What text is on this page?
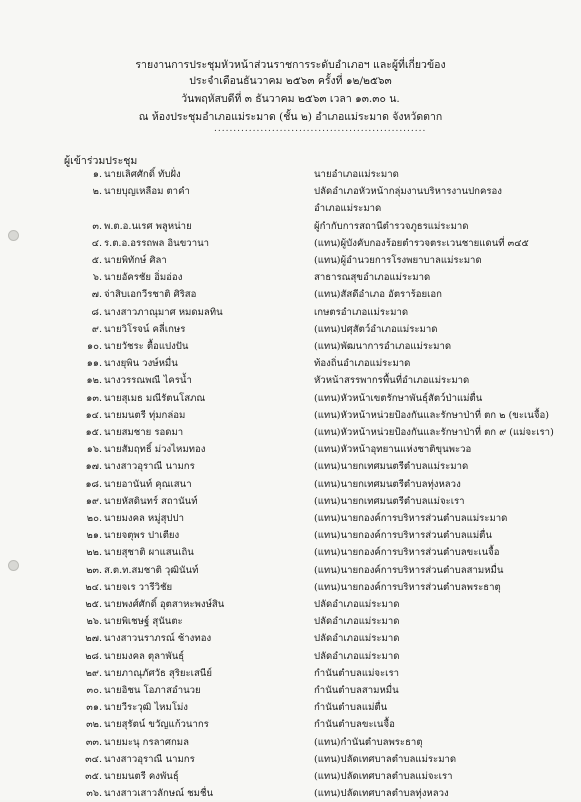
รายงานการประชุมหัวหน้าส่วนราชการระดับอำเภอฯ และผู้ที่เกี่ยวข้อง
ประจำเดือนธันวาคม ๒๕๖๓ ครั้งที่ ๑๒/๒๕๖๓
วันพฤหัสบดีที่ ๓ ธันวาคม ๒๕๖๓ เวลา ๑๓.๓๐ น.
ณ ห้องประชุมอำเภอแม่ระมาด (ชั้น ๒) อำเภอแม่ระมาด จังหวัดตาก
.......................................................
ผู้เข้าร่วมประชุม
๑. นายเลิศศักดิ์ ทับฝั่ง	นายอำเภอแม่ระมาด
๒. นายบุญเหลือม ตาคำ	ปลัดอำเภอหัวหน้ากลุ่มงานบริหารงานปกครอง
อำเภอแม่ระมาด
๓. พ.ต.อ.นเรศ พลูหน่าย	ผู้กำกับการสถานีตำรวจภูธรแม่ระมาด
๔. ร.ต.อ.อรรถพล อินขวานา	(แทน)ผู้บังคับกองร้อยตำรวจตระเวนชายแดนที่ ๓๔๕
๕. นายพิทักษ์ ศิลา	(แทน)ผู้อำนวยการโรงพยาบาลแม่ระมาด
๖. นายอัครชัย อิ่มอ่อง	สาธารณสุขอำเภอแม่ระมาด
๗. จ่าสิบเอกวีรชาติ ศิริสอ	(แทน)สัสดีอำเภอ อัตราร้อยเอก
๘. นางสาวภาณุมาศ หมดมลทิน	เกษตรอำเภอแม่ระมาด
๙. นายวิโรจน์ คลี่เกษร	(แทน)ปศุสัตว์อำเภอแม่ระมาด
๑๐. นายวัชระ ตื้อแปงปัน	(แทน)พัฒนาการอำเภอแม่ระมาด
๑๑. นางยุพิน วงษ์หมื่น	ท้องถิ่นอำเภอแม่ระมาด
๑๒. นางวรรณพณี ไครน้ำ	หัวหน้าสรรพากรพื้นที่อำเภอแม่ระมาด
๑๓. นายสุเมธ มณีรัตนโสภณ	(แทน)หัวหน้าเขตรักษาพันธุ์สัตว์ป่าแม่ตื่น
๑๔. นายมนตรี ทุ่มกล่อม	(แทน)หัวหน้าหน่วยป้องกันและรักษาป่าที่ ตก ๒ (ขะเนจื้อ)
๑๕. นายสมชาย รอดมา	(แทน)หัวหน้าหน่วยป้องกันและรักษาป่าที่ ตก ๙ (แม่จะเรา)
๑๖. นายสัมฤทธิ์ ม่วงไหมทอง	(แทน)หัวหน้าอุทยานแห่งชาติขุนพะวอ
๑๗. นางสาวอุราณี นามกร	(แทน)นายกเทศมนตรีตำบลแม่ระมาด
๑๘. นายอานันท์ คุณเสนา	(แทน)นายกเทศมนตรีตำบลทุ่งหลวง
๑๙. นายหัสดินทร์ สถานันท์	(แทน)นายกเทศมนตรีตำบลแม่จะเรา
๒๐. นายมงคล หมู่สุปปา	(แทน)นายกองค์การบริหารส่วนตำบลแม่ระมาด
๒๑. นายจตุพร ปาเตียง	(แทน)นายกองค์การบริหารส่วนตำบลแม่ตื่น
๒๒. นายสุชาติ ผาแสนเถิน	(แทน)นายกองค์การบริหารส่วนตำบลขะเนจื้อ
๒๓. ส.ต.ท.สมชาติ วุฒินันท์	(แทน)นายกองค์การบริหารส่วนตำบลสามหมื่น
๒๔. นายจเร วารีวิชัย	(แทน)นายกองค์การบริหารส่วนตำบลพระธาตุ
๒๕. นายพงศ์ศักดิ์ อุตสาหะพงษ์สิน	ปลัดอำเภอแม่ระมาด
๒๖. นายพิเชษฐ์ สุนันตะ	ปลัดอำเภอแม่ระมาด
๒๗. นางสาวนราภรณ์ ช้างทอง	ปลัดอำเภอแม่ระมาด
๒๘. นายมงคล ตุลาพันธุ์	ปลัดอำเภอแม่ระมาด
๒๙. นายภาณุภัศวัธ สุริยะเสนีย์	กำนันตำบลแม่จะเรา
๓๐. นายอิชน โอภาสอำนวย	กำนันตำบลสามหมื่น
๓๑. นายวีระวุฒิ ไหมโม่ง	กำนันตำบลแม่ตื่น
๓๒. นายสุรัตน์ ขวัญแก้วนากร	กำนันตำบลขะเนจื้อ
๓๓. นายมะนุ กรลาศกมล	(แทน)กำนันตำบลพระธาตุ
๓๔. นางสาวอุราณี นามกร	(แทน)ปลัดเทศบาลตำบลแม่ระมาด
๓๕. นายมนตรี คงพันธุ์	(แทน)ปลัดเทศบาลตำบลแม่จะเรา
๓๖. นางสาวเสาวลักษณ์ ชมชื่น	(แทน)ปลัดเทศบาลตำบลทุ่งหลวง
